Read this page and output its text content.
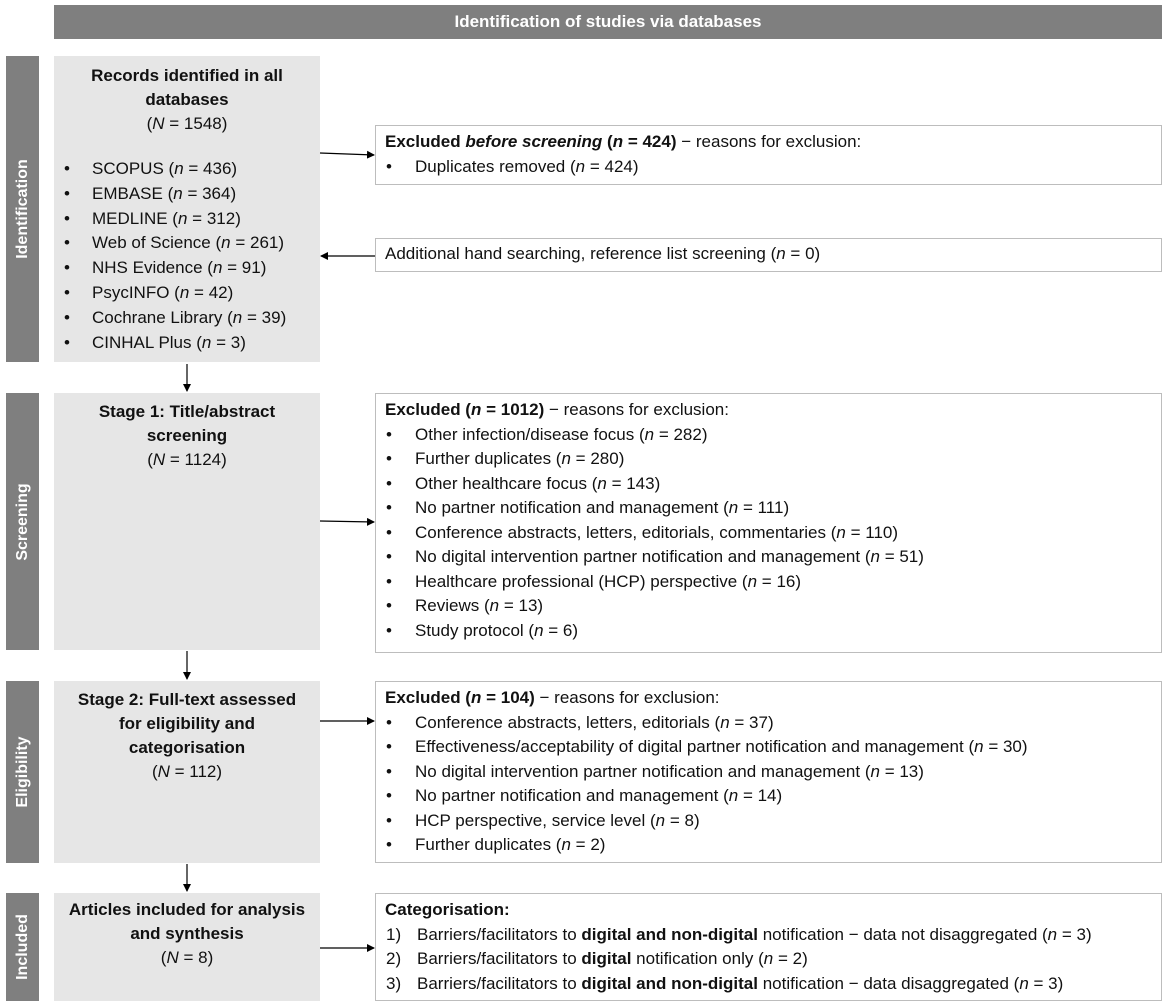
Identification of studies via databases
Identification
Screening
Eligibility
Included
Records identified in all databases
(N = 1548)
• SCOPUS (n = 436)
• EMBASE (n = 364)
• MEDLINE (n = 312)
• Web of Science (n = 261)
• NHS Evidence (n = 91)
• PsycINFO (n = 42)
• Cochrane Library (n = 39)
• CINHAL Plus (n = 3)
Excluded before screening (n = 424) − reasons for exclusion:
• Duplicates removed (n = 424)
Additional hand searching, reference list screening (n = 0)
Stage 1: Title/abstract screening
(N = 1124)
Excluded (n = 1012) − reasons for exclusion:
• Other infection/disease focus (n = 282)
• Further duplicates (n = 280)
• Other healthcare focus (n = 143)
• No partner notification and management (n = 111)
• Conference abstracts, letters, editorials, commentaries (n = 110)
• No digital intervention partner notification and management (n = 51)
• Healthcare professional (HCP) perspective (n = 16)
• Reviews (n = 13)
• Study protocol (n = 6)
Stage 2: Full-text assessed for eligibility and categorisation
(N = 112)
Excluded (n = 104) − reasons for exclusion:
• Conference abstracts, letters, editorials (n = 37)
• Effectiveness/acceptability of digital partner notification and management (n = 30)
• No digital intervention partner notification and management (n = 13)
• No partner notification and management (n = 14)
• HCP perspective, service level (n = 8)
• Further duplicates (n = 2)
Articles included for analysis and synthesis
(N = 8)
Categorisation:
1) Barriers/facilitators to digital and non-digital notification − data not disaggregated (n = 3)
2) Barriers/facilitators to digital notification only (n = 2)
3) Barriers/facilitators to digital and non-digital notification − data disaggregated (n = 3)
